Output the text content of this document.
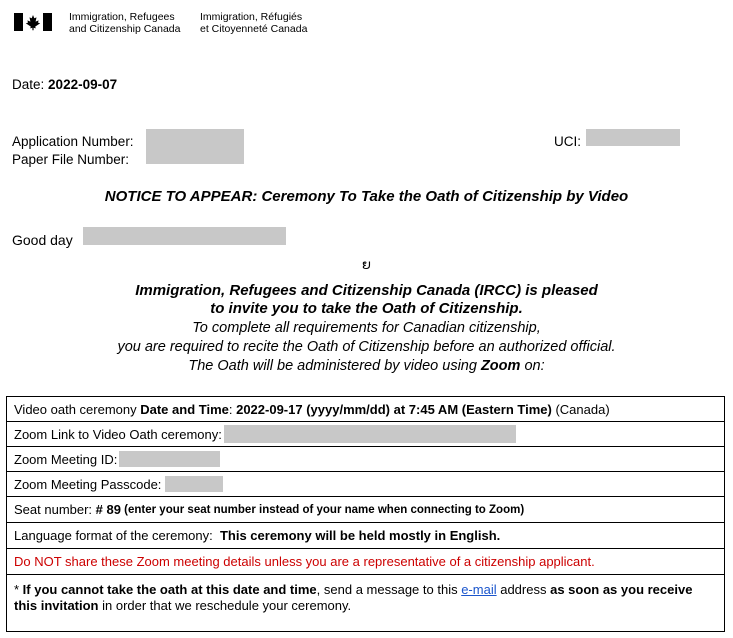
Immigration, Refugees
and Citizenship Canada
Immigration, Réfugiés
et Citoyenneté Canada
Date: 2022-09-07
Application Number:
Paper File Number:
UCI:
NOTICE TO APPEAR: Ceremony To Take the Oath of Citizenship by Video
Good day
ຍ
Immigration, Refugees and Citizenship Canada (IRCC) is pleased
to invite you to take the Oath of Citizenship.
To complete all requirements for Canadian citizenship,
you are required to recite the Oath of Citizenship before an authorized official.
The Oath will be administered by video using Zoom on:
Video oath ceremony Date and Time : 2022-09-17 (yyyy/mm/dd) at 7:45 AM (Eastern Time) (Canada)
Zoom Link to Video Oath ceremony:
Zoom Meeting ID:
Zoom Meeting Passcode:
Seat number: # 89 (enter your seat number instead of your name when connecting to Zoom)
Language format of the ceremony: This ceremony will be held mostly in English.
Do NOT share these Zoom meeting details unless you are a representative of a citizenship applicant.
* If you cannot take the oath at this date and time, send a message to this e-mail address as soon as you receive this invitation in order that we reschedule your ceremony.
